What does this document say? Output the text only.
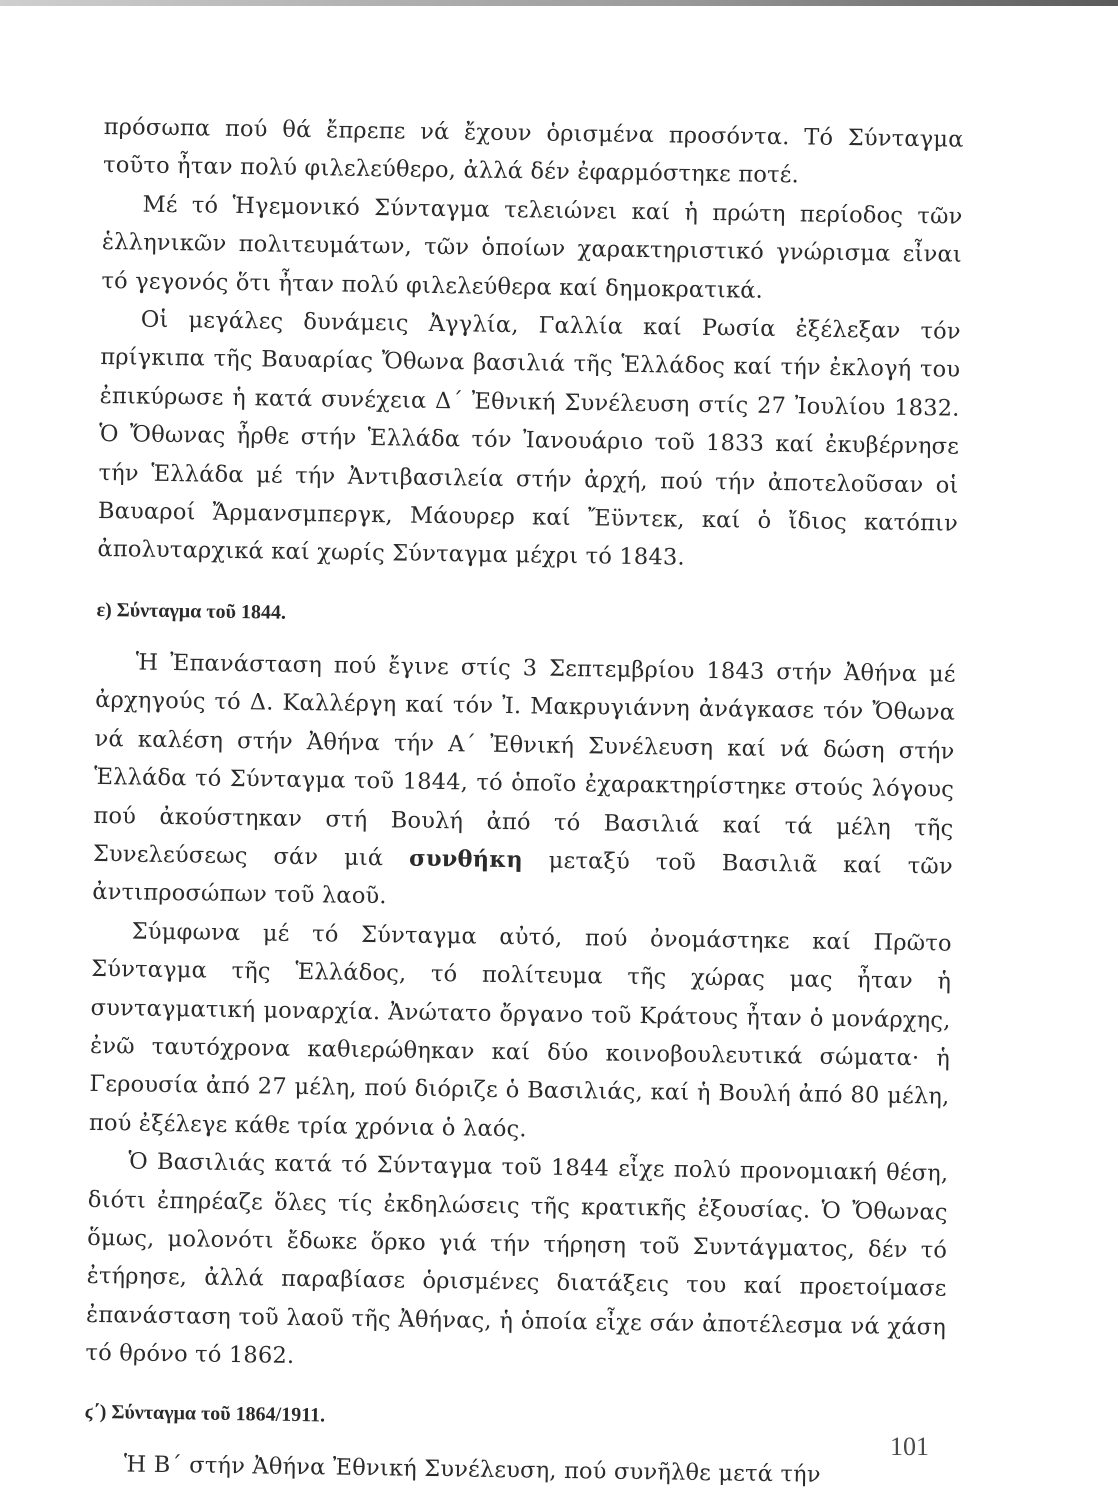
πρόσωπα πού θά ἔπρεπε νά ἔχουν ὁρισμένα προσόντα. Τό Σύνταγμα τοῦτο ἦταν πολύ φιλελεύθερο, ἀλλά δέν ἐφαρμόστηκε ποτέ.

Μέ τό Ἡγεμονικό Σύνταγμα τελειώνει καί ἡ πρώτη περίοδος τῶν ἑλληνικῶν πολιτευμάτων, τῶν ὁποίων χαρακτηριστικό γνώρισμα εἶναι τό γεγονός ὅτι ἦταν πολύ φιλελεύθερα καί δημοκρατικά.

Οἱ μεγάλες δυνάμεις Ἀγγλία, Γαλλία καί Ρωσία ἐξέλεξαν τόν πρίγκιπα τῆς Βαυαρίας Ὄθωνα βασιλιά τῆς Ἑλλάδος καί τήν ἐκλογή του ἐπικύρωσε ἡ κατά συνέχεια Δ΄ Ἐθνική Συνέλευση στίς 27 Ἰουλίου 1832. Ὁ Ὄθωνας ἦρθε στήν Ἑλλάδα τόν Ἰανουάριο τοῦ 1833 καί ἐκυβέρνησε τήν Ἑλλάδα μέ τήν Ἀντιβασιλεία στήν ἀρχή, πού τήν ἀποτελοῦσαν οἱ Βαυαροί Ἄρμανσμπεργκ, Μάουρερ καί Ἔϋντεκ, καί ὁ ἴδιος κατόπιν ἀπολυταρχικά καί χωρίς Σύνταγμα μέχρι τό 1843.

ε) Σύνταγμα τοῦ 1844.

Ἡ Ἐπανάσταση πού ἔγινε στίς 3 Σεπτεμβρίου 1843 στήν Ἀθήνα μέ ἀρχηγούς τό Δ. Καλλέργη καί τόν Ἰ. Μακρυγιάννη ἀνάγκασε τόν Ὄθωνα νά καλέση στήν Ἀθήνα τήν Α΄ Ἐθνική Συνέλευση καί νά δώση στήν Ἑλλάδα τό Σύνταγμα τοῦ 1844, τό ὁποῖο ἐχαρακτηρίστηκε στούς λόγους πού ἀκούστηκαν στή Βουλή ἀπό τό Βασιλιά καί τά μέλη τῆς Συνελεύσεως σάν μιά συνθήκη μεταξύ τοῦ Βασιλιᾶ καί τῶν ἀντιπροσώπων τοῦ λαοῦ.

Σύμφωνα μέ τό Σύνταγμα αὐτό, πού ὀνομάστηκε καί Πρῶτο Σύνταγμα τῆς Ἑλλάδος, τό πολίτευμα τῆς χώρας μας ἦταν ἡ συνταγματική μοναρχία. Ἀνώτατο ὄργανο τοῦ Κράτους ἦταν ὁ μονάρχης, ἐνῶ ταυτόχρονα καθιερώθηκαν καί δύο κοινοβουλευτικά σώματα· ἡ Γερουσία ἀπό 27 μέλη, πού διόριζε ὁ Βασιλιάς, καί ἡ Βουλή ἀπό 80 μέλη, πού ἐξέλεγε κάθε τρία χρόνια ὁ λαός.

Ὁ Βασιλιάς κατά τό Σύνταγμα τοῦ 1844 εἶχε πολύ προνομιακή θέση, διότι ἐπηρέαζε ὅλες τίς ἐκδηλώσεις τῆς κρατικῆς ἐξουσίας. Ὁ Ὄθωνας ὅμως, μολονότι ἔδωκε ὅρκο γιά τήν τήρηση τοῦ Συντάγματος, δέν τό ἐτήρησε, ἀλλά παραβίασε ὁρισμένες διατάξεις του καί προετοίμασε ἐπανάσταση τοῦ λαοῦ τῆς Ἀθήνας, ἡ ὁποία εἶχε σάν ἀποτέλεσμα νά χάση τό θρόνο τό 1862.

ϛ΄) Σύνταγμα τοῦ 1864/1911.

Ἡ Β΄ στήν Ἀθήνα Ἐθνική Συνέλευση, πού συνῆλθε μετά τήν

101
